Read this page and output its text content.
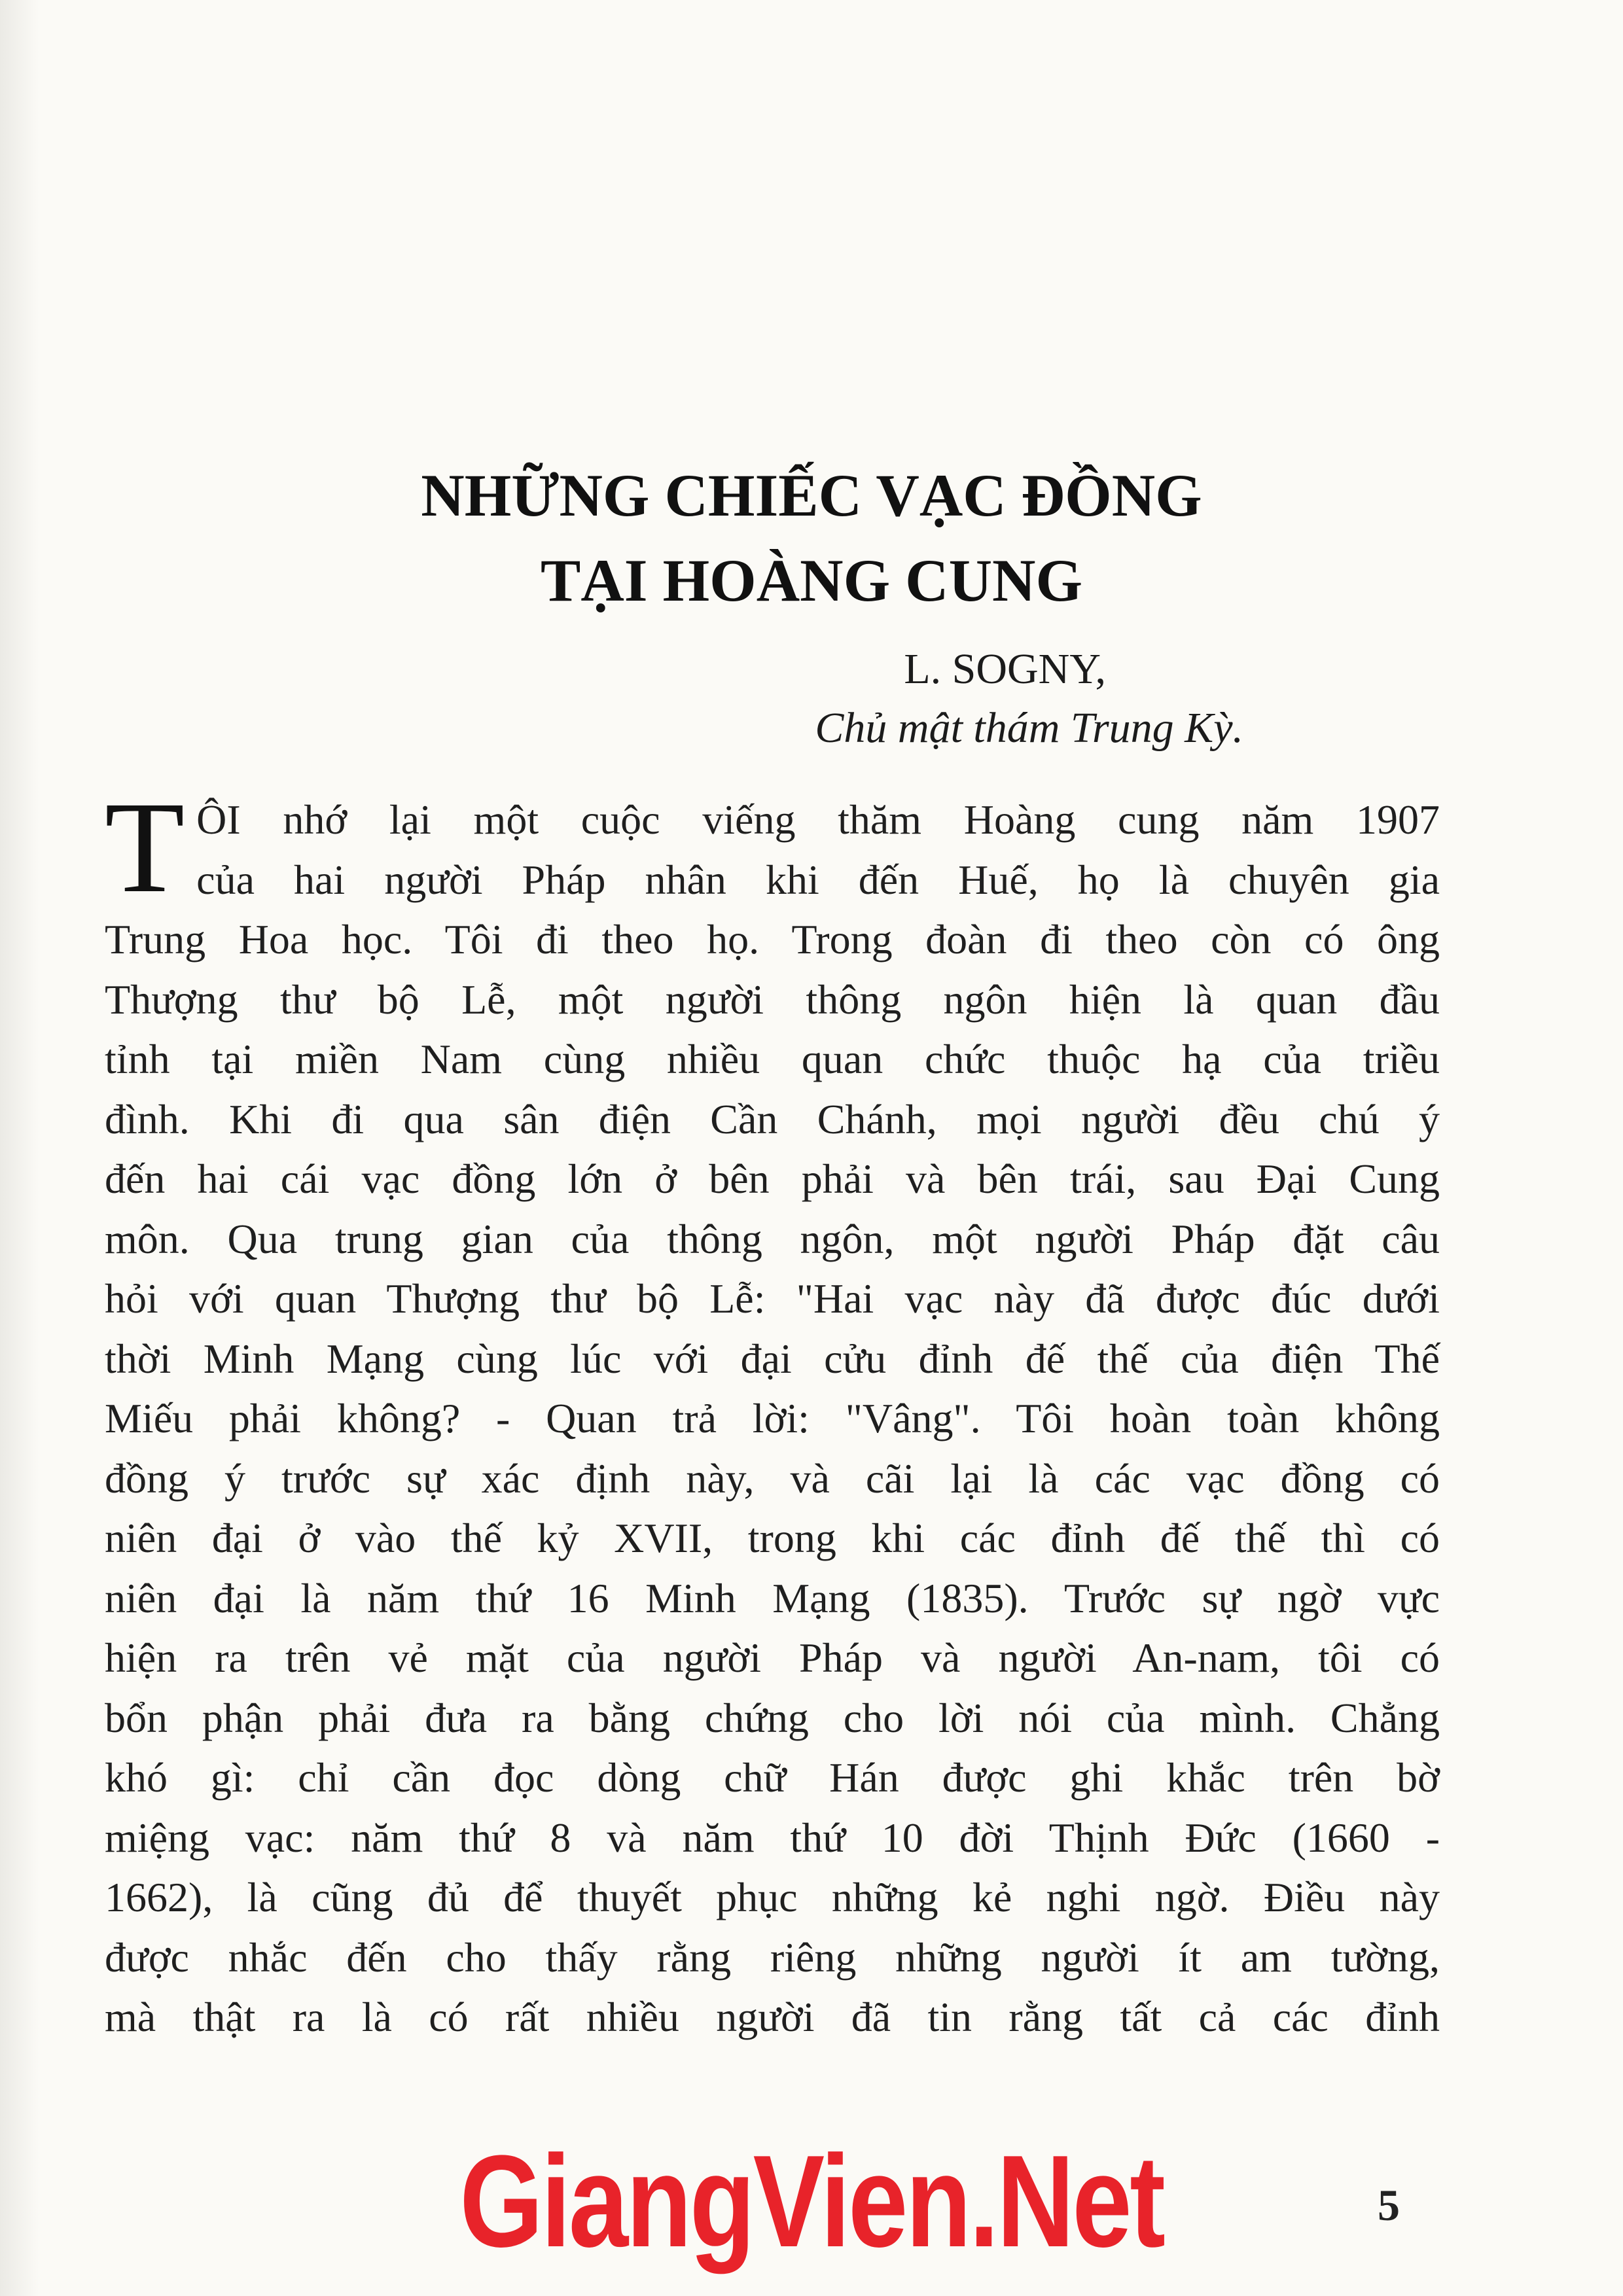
NHỮNG CHIẾC VẠC ĐỒNG
TẠI HOÀNG CUNG
L. SOGNY,
Chủ mật thám Trung Kỳ.
T ÔI nhớ lại một cuộc viếng thăm Hoàng cung năm 1907
của hai người Pháp nhân khi đến Huế, họ là chuyên gia
Trung Hoa học. Tôi đi theo họ. Trong đoàn đi theo còn có ông
Thượng thư bộ Lễ, một người thông ngôn hiện là quan đầu
tỉnh tại miền Nam cùng nhiều quan chức thuộc hạ của triều
đình. Khi đi qua sân điện Cần Chánh, mọi người đều chú ý
đến hai cái vạc đồng lớn ở bên phải và bên trái, sau Đại Cung
môn. Qua trung gian của thông ngôn, một người Pháp đặt câu
hỏi với quan Thượng thư bộ Lễ: "Hai vạc này đã được đúc dưới
thời Minh Mạng cùng lúc với đại cửu đỉnh đế thế của điện Thế
Miếu phải không? - Quan trả lời: "Vâng". Tôi hoàn toàn không
đồng ý trước sự xác định này, và cãi lại là các vạc đồng có
niên đại ở vào thế kỷ XVII, trong khi các đỉnh đế thế thì có
niên đại là năm thứ 16 Minh Mạng (1835). Trước sự ngờ vực
hiện ra trên vẻ mặt của người Pháp và người An-nam, tôi có
bổn phận phải đưa ra bằng chứng cho lời nói của mình. Chẳng
khó gì: chỉ cần đọc dòng chữ Hán được ghi khắc trên bờ
miệng vạc: năm thứ 8 và năm thứ 10 đời Thịnh Đức (1660 -
1662), là cũng đủ để thuyết phục những kẻ nghi ngờ. Điều này
được nhắc đến cho thấy rằng riêng những người ít am tường,
mà thật ra là có rất nhiều người đã tin rằng tất cả các đỉnh
GiangVien.Net	5
